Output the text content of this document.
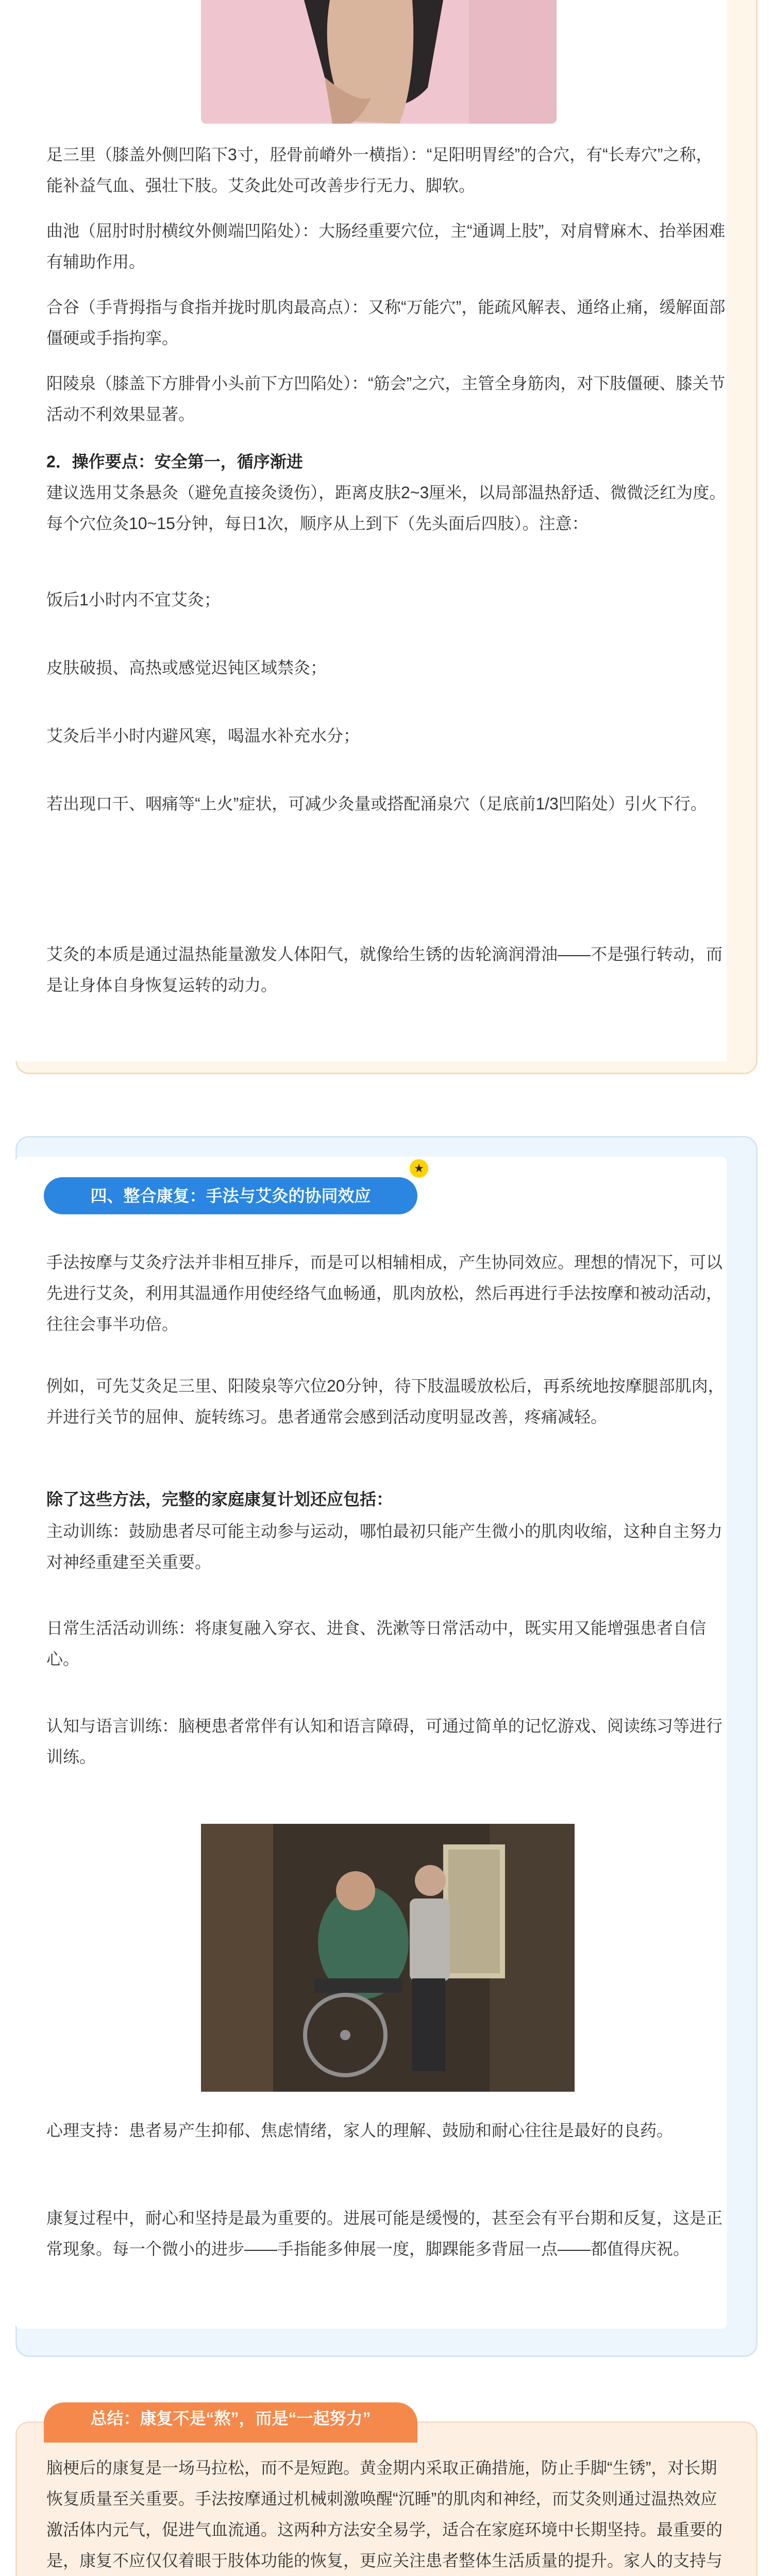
足三里（膝盖外侧凹陷下3寸，胫骨前嵴外一横指）：“足阳明胃经”的合穴，有“长寿穴”之称，能补益气血、强壮下肢。艾灸此处可改善步行无力、脚软。

曲池（屈肘时肘横纹外侧端凹陷处）：大肠经重要穴位，主“通调上肢”，对肩臂麻木、抬举困难有辅助作用。

合谷（手背拇指与食指并拢时肌肉最高点）：又称“万能穴”，能疏风解表、通络止痛，缓解面部僵硬或手指拘挛。

阳陵泉（膝盖下方腓骨小头前下方凹陷处）：“筋会”之穴，主管全身筋肉，对下肢僵硬、膝关节活动不利效果显著。

2．操作要点：安全第一，循序渐进

建议选用艾条悬灸（避免直接灸烫伤），距离皮肤2~3厘米，以局部温热舒适、微微泛红为度。每个穴位灸10~15分钟，每日1次，顺序从上到下（先头面后四肢）。注意：

饭后1小时内不宜艾灸；

皮肤破损、高热或感觉迟钝区域禁灸；

艾灸后半小时内避风寒，喝温水补充水分；

若出现口干、咽痛等“上火”症状，可减少灸量或搭配涌泉穴（足底前1/3凹陷处）引火下行。

艾灸的本质是通过温热能量激发人体阳气，就像给生锈的齿轮滴润滑油——不是强行转动，而是让身体自身恢复运转的动力。

四、整合康复：手法与艾灸的协同效应
★

手法按摩与艾灸疗法并非相互排斥，而是可以相辅相成，产生协同效应。理想的情况下，可以先进行艾灸，利用其温通作用使经络气血畅通，肌肉放松，然后再进行手法按摩和被动活动，往往会事半功倍。

例如，可先艾灸足三里、阳陵泉等穴位20分钟，待下肢温暖放松后，再系统地按摩腿部肌肉，并进行关节的屈伸、旋转练习。患者通常会感到活动度明显改善，疼痛减轻。

除了这些方法，完整的家庭康复计划还应包括：

主动训练：鼓励患者尽可能主动参与运动，哪怕最初只能产生微小的肌肉收缩，这种自主努力对神经重建至关重要。

日常生活活动训练：将康复融入穿衣、进食、洗漱等日常活动中，既实用又能增强患者自信心。

认知与语言训练：脑梗患者常伴有认知和语言障碍，可通过简单的记忆游戏、阅读练习等进行训练。

心理支持：患者易产生抑郁、焦虑情绪，家人的理解、鼓励和耐心往往是最好的良药。

康复过程中，耐心和坚持是最为重要的。进展可能是缓慢的，甚至会有平台期和反复，这是正常现象。每一个微小的进步——手指能多伸展一度，脚踝能多背屈一点——都值得庆祝。

总结：康复不是“熬”，而是“一起努力”

脑梗后的康复是一场马拉松，而不是短跑。黄金期内采取正确措施，防止手脚“生锈”，对长期恢复质量至关重要。手法按摩通过机械刺激唤醒“沉睡”的肌肉和神经，而艾灸则通过温热效应激活体内元气，促进气血流通。这两种方法安全易学，适合在家庭环境中长期坚持。最重要的是，康复不应仅仅着眼于肢体功能的恢复，更应关注患者整体生活质量的提升。家人的支持与
